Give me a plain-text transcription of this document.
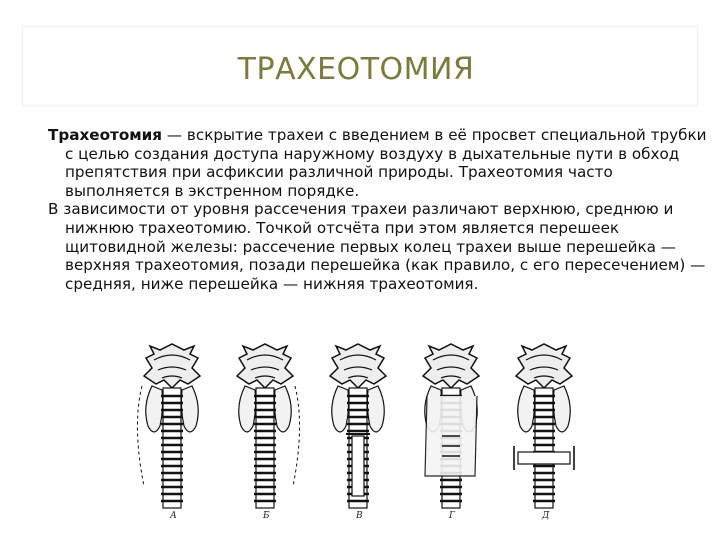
ТРАХЕОТОМИЯ

Трахеотомия — вскрытие трахеи с введением в её просвет специальной трубки с целью создания доступа наружному воздуху в дыхательные пути в обход препятствия при асфиксии различной природы. Трахеотомия часто выполняется в экстренном порядке.

В зависимости от уровня рассечения трахеи различают верхнюю, среднюю и нижнюю трахеотомию. Точкой отсчёта при этом является перешеек щитовидной железы: рассечение первых колец трахеи выше перешейка — верхняя трахеотомия, позади перешейка (как правило, с его пересечением) — средняя, ниже перешейка — нижняя трахеотомия.

А	Б	В	Г	Д
